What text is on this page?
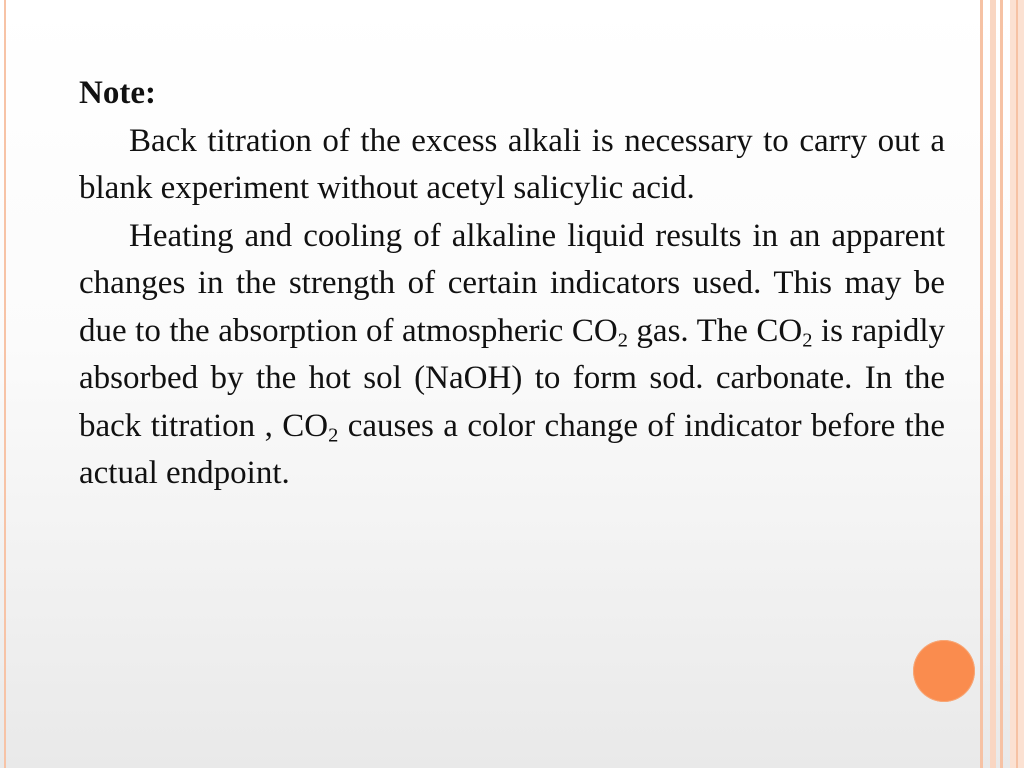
Note:

Back titration of the excess alkali is necessary to carry out a blank experiment without acetyl salicylic acid.

Heating and cooling of alkaline liquid results in an apparent changes in the strength of certain indicators used. This may be due to the absorption of atmospheric $CO_2$ gas. The $CO_2$ is rapidly absorbed by the hot sol (NaOH) to form sod. carbonate. In the back titration , $CO_2$ causes a color change of indicator before the actual endpoint.
